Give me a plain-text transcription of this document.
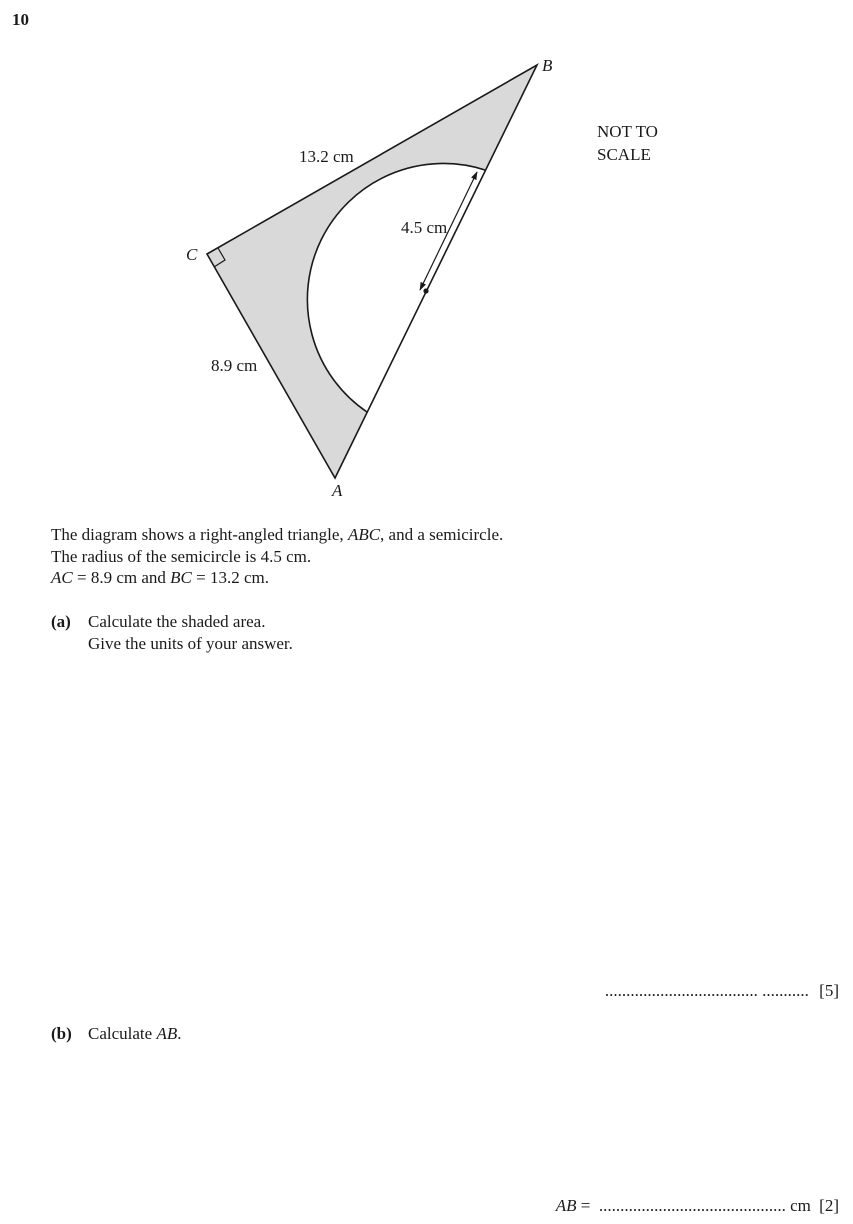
10
13.2 cm
8.9 cm
4.5 cm
B
C
A
NOT TO
SCALE

The diagram shows a right-angled triangle, ABC, and a semicircle.

The radius of the semicircle is 4.5 cm.

AC = 8.9 cm and BC = 13.2 cm.

(a) Calculate the shaded area.

Give the units of your answer.

.................................... ........... [5]
(b) Calculate AB.

AB =  ............................................ cm [2]
